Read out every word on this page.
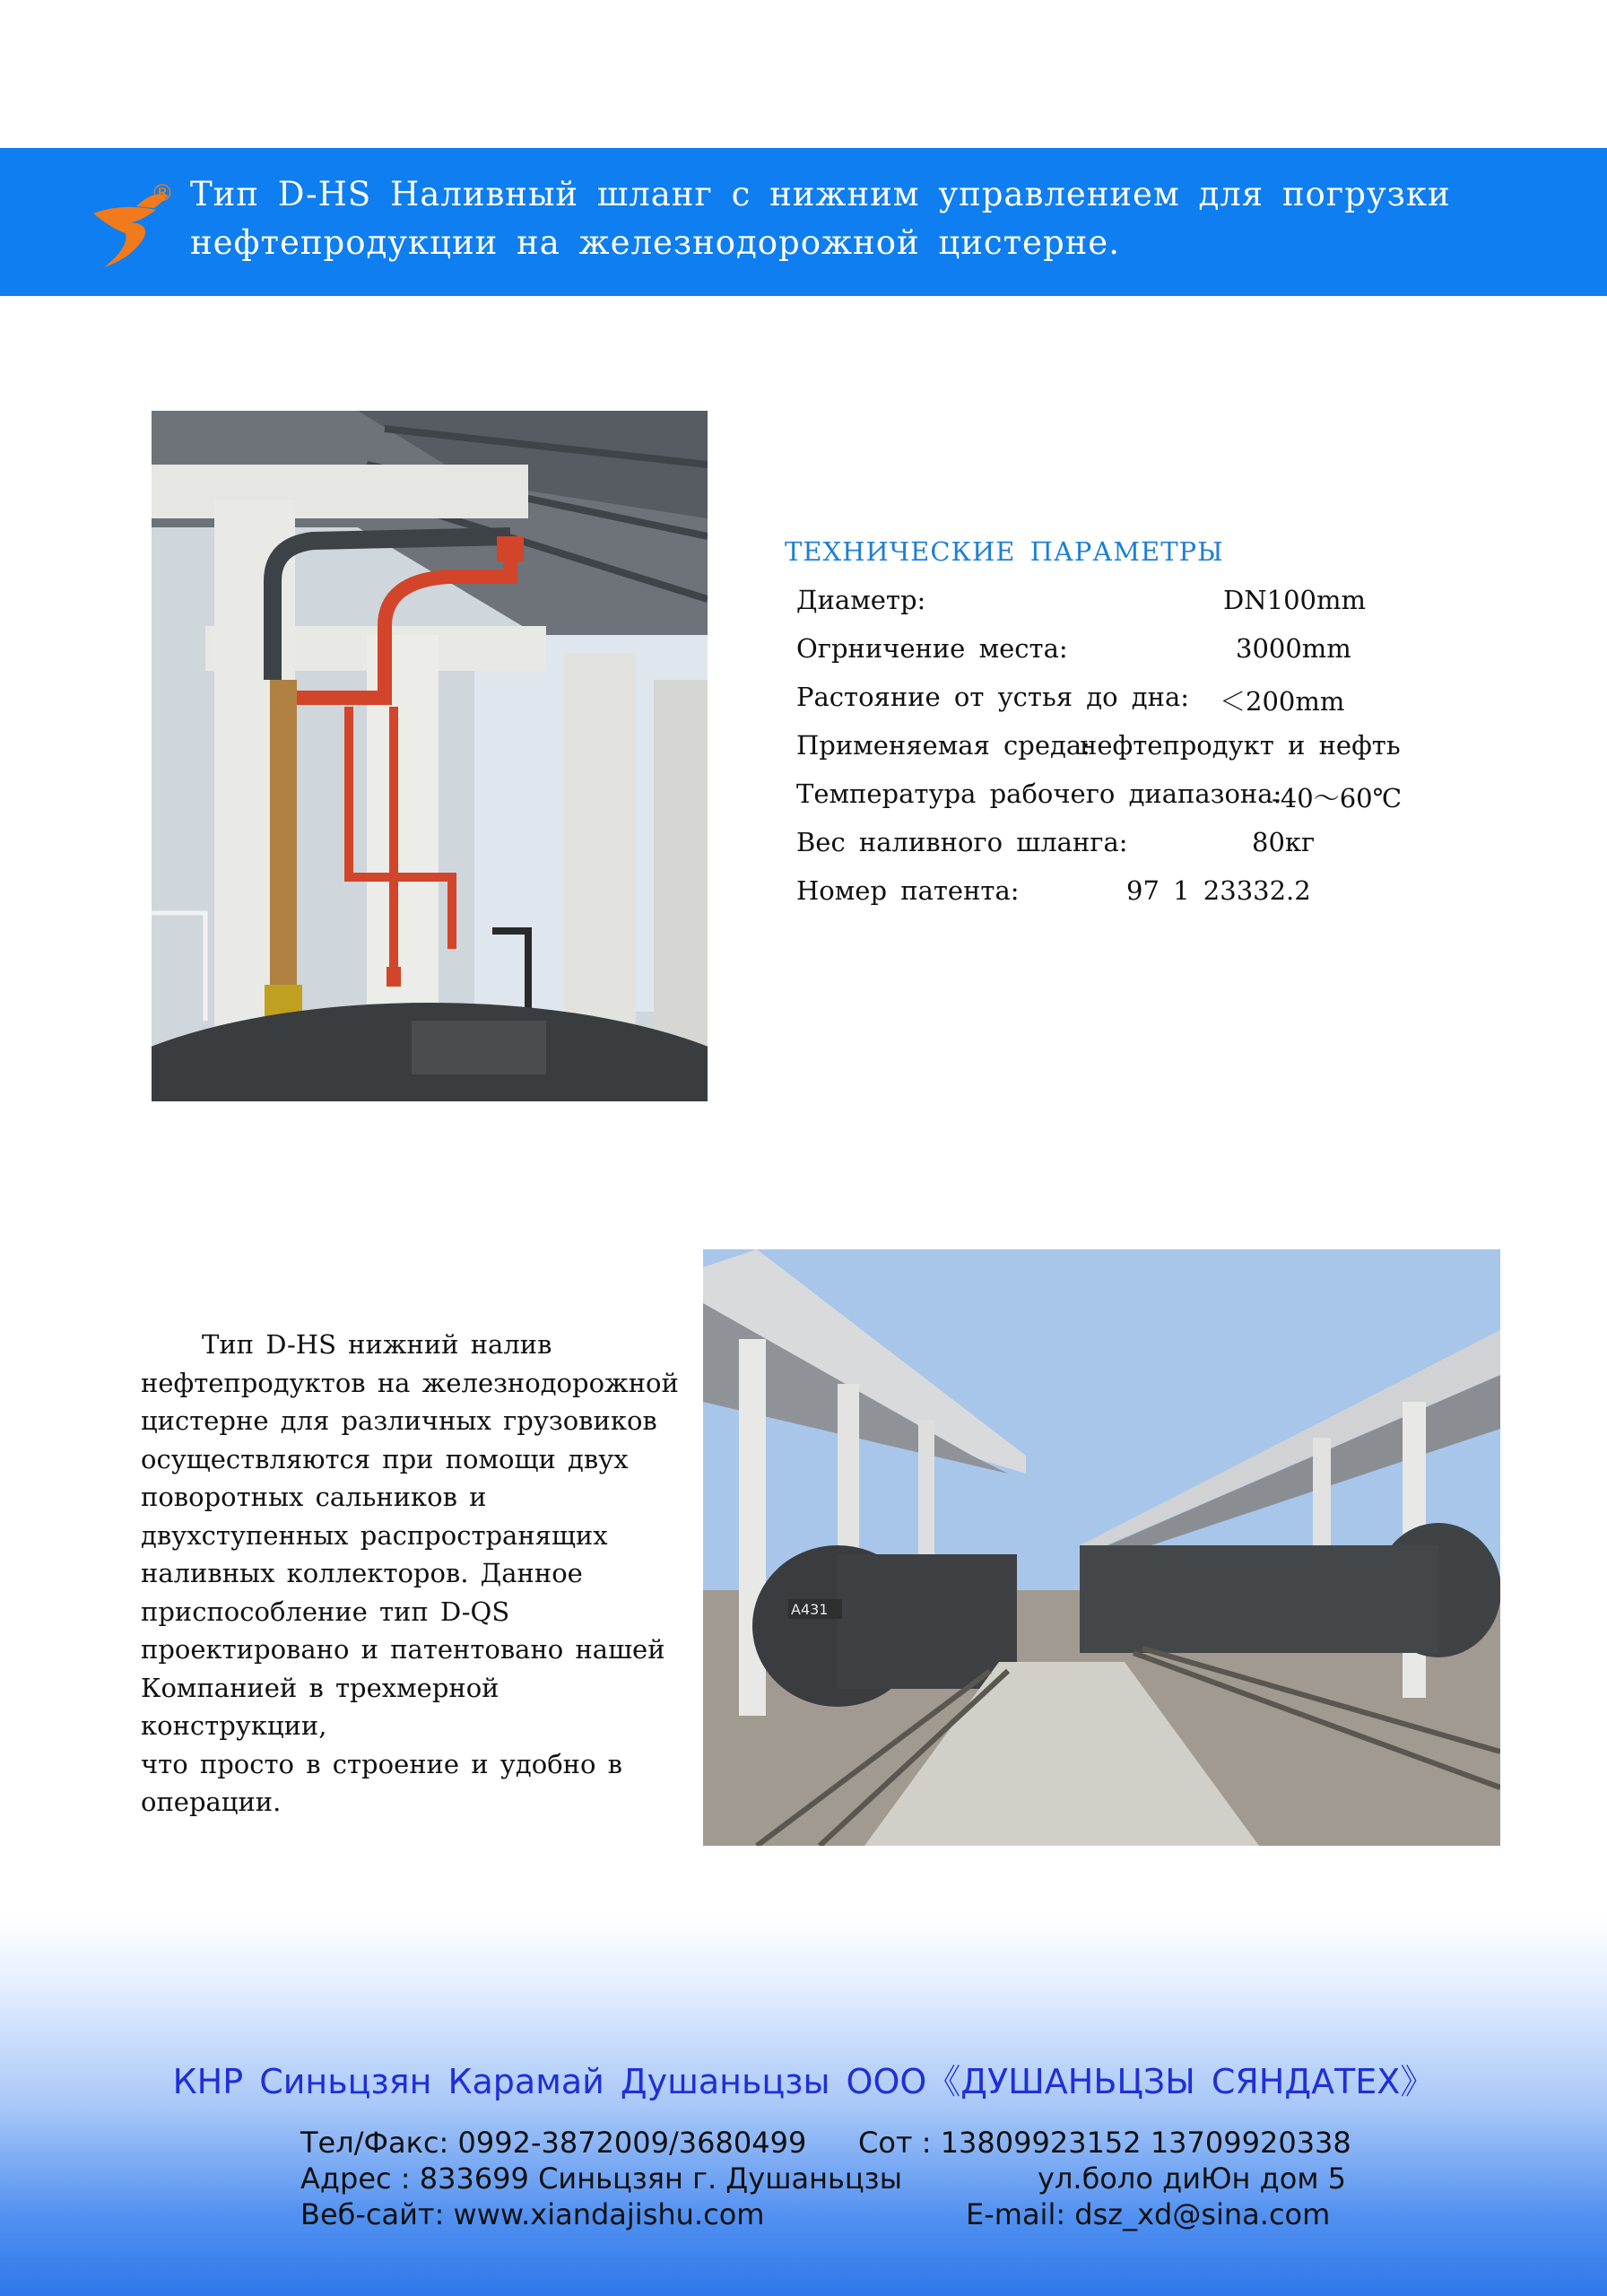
® Тип D-HS Наливный шланг с нижним управлением для погрузки
нефтепродукции на железнодорожной цистерне.
ТЕХНИЧЕСКИЕ ПАРАМЕТРЫ
Диаметр:	DN100mm
Огрничение места:	3000mm
Растояние от устья до дна: ＜200mm
Применяемая среда:
нефтепродукт и нефть
Температура рабочего диапазона:
-40～60℃
Вес наливного шланга:	80кг
Номер патента:	97 1 23332.2

Тип D-HS нижний налив

нефтепродуктов на железнодорожной

цистерне для различных грузовиков

осуществляются при помощи двух

поворотных сальников и

двухступенных распространящих

наливных коллекторов. Данное

приспособление тип D-QS

проектировано и патентовано нашей

Компанией в трехмерной конструкции,

что просто в строение и удобно в

операции.

A431
КНР Синьцзян Карамай Душаньцзы ООО《ДУШАНЬЦЗЫ СЯНДАТЕХ》
Тел/Факс: 0992-3872009/3680499 Сот : 13809923152 13709920338
Адрес : 833699 Синьцзян г. Душаньцзы	ул.боло диЮн дом 5
Веб-сайт: www.xiandajishu.com	E-mail: dsz_xd@sina.com
